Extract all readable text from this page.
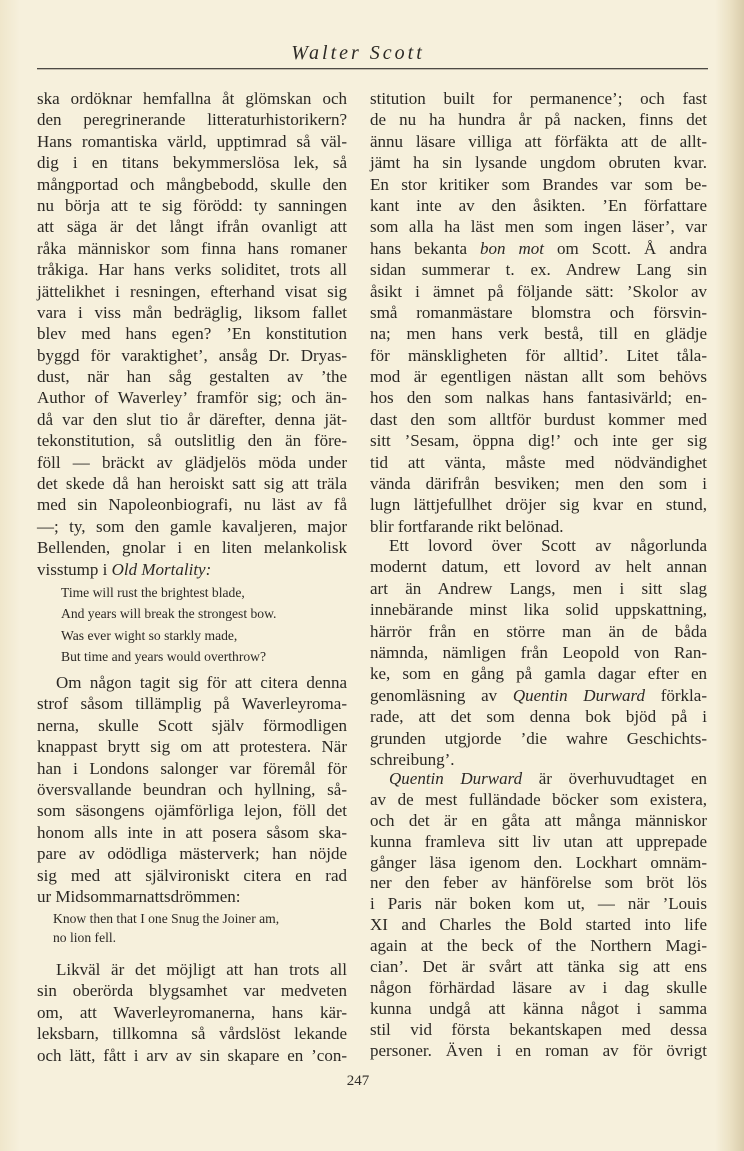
Walter Scott
ska ordöknar hemfallna åt glömskan och
den peregrinerande litteraturhistorikern?
Hans romantiska värld, upptimrad så väl-
dig i en titans bekymmerslösa lek, så
mångportad och mångbebodd, skulle den
nu börja att te sig förödd: ty sanningen
att säga är det långt ifrån ovanligt att
råka människor som finna hans romaner
tråkiga. Har hans verks soliditet, trots all
jättelikhet i resningen, efterhand visat sig
vara i viss mån bedräglig, liksom fallet
blev med hans egen? ’En konstitution
byggd för varaktighet’, ansåg Dr. Dryas-
dust, när han såg gestalten av ’the
Author of Waverley’ framför sig; och än-
då var den slut tio år därefter, denna jät-
tekonstitution, så outslitlig den än före-
föll — bräckt av glädjelös möda under
det skede då han heroiskt satt sig att träla
med sin Napoleonbiografi, nu läst av få
—; ty, som den gamle kavaljeren, major
Bellenden, gnolar i en liten melankolisk
visstump i Old Mortality:
Time will rust the brightest blade,
And years will break the strongest bow.
Was ever wight so starkly made,
But time and years would overthrow?
Om någon tagit sig för att citera denna
strof såsom tillämplig på Waverleyroma-
nerna, skulle Scott själv förmodligen
knappast brytt sig om att protestera. När
han i Londons salonger var föremål för
översvallande beundran och hyllning, så-
som säsongens ojämförliga lejon, föll det
honom alls inte in att posera såsom ska-
pare av odödliga mästerverk; han nöjde
sig med att självironiskt citera en rad
ur Midsommarnattsdrömmen:
Know then that I one Snug the Joiner am,
no lion fell.
Likväl är det möjligt att han trots all
sin oberörda blygsamhet var medveten
om, att Waverleyromanerna, hans kär-
leksbarn, tillkomna så vårdslöst lekande
och lätt, fått i arv av sin skapare en ’con-
stitution built for permanence’; och fast
de nu ha hundra år på nacken, finns det
ännu läsare villiga att förfäkta att de allt-
jämt ha sin lysande ungdom obruten kvar.
En stor kritiker som Brandes var som be-
kant inte av den åsikten. ’En författare
som alla ha läst men som ingen läser’, var
hans bekanta bon mot om Scott. Å andra
sidan summerar t. ex. Andrew Lang sin
åsikt i ämnet på följande sätt: ’Skolor av
små romanmästare blomstra och försvin-
na; men hans verk bestå, till en glädje
för mänskligheten för alltid’. Litet tåla-
mod är egentligen nästan allt som behövs
hos den som nalkas hans fantasivärld; en-
dast den som alltför burdust kommer med
sitt ’Sesam, öppna dig!’ och inte ger sig
tid att vänta, måste med nödvändighet
vända därifrån besviken; men den som i
lugn lättjefullhet dröjer sig kvar en stund,
blir fortfarande rikt belönad.
Ett lovord över Scott av någorlunda
modernt datum, ett lovord av helt annan
art än Andrew Langs, men i sitt slag
innebärande minst lika solid uppskattning,
härrör från en större man än de båda
nämnda, nämligen från Leopold von Ran-
ke, som en gång på gamla dagar efter en
genomläsning av Quentin Durward förkla-
rade, att det som denna bok bjöd på i
grunden utgjorde ’die wahre Geschichts-
schreibung’.
Quentin Durward är överhuvudtaget en
av de mest fulländade böcker som existera,
och det är en gåta att många människor
kunna framleva sitt liv utan att upprepade
gånger läsa igenom den. Lockhart omnäm-
ner den feber av hänförelse som bröt lös
i Paris när boken kom ut, — när ’Louis
XI and Charles the Bold started into life
again at the beck of the Northern Magi-
cian’. Det är svårt att tänka sig att ens
någon förhärdad läsare av i dag skulle
kunna undgå att känna något i samma
stil vid första bekantskapen med dessa
personer. Även i en roman av för övrigt
247
